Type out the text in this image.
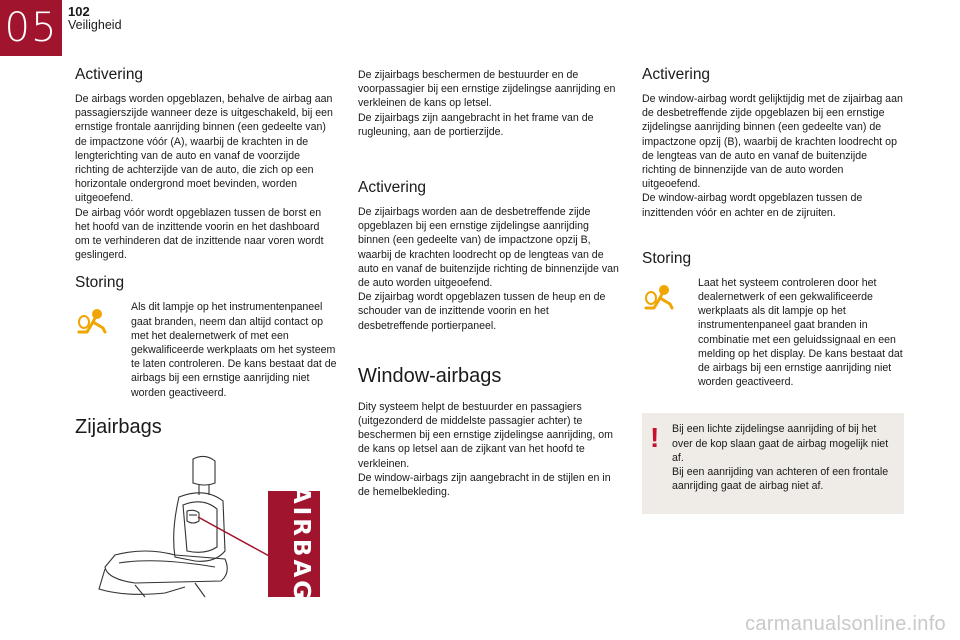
05 102
Veiligheid
Activering

De airbags worden opgeblazen, behalve de airbag aan passagierszijde wanneer deze is uitgeschakeld, bij een ernstige frontale aanrijding binnen (een gedeelte van) de impactzone vóór (A), waarbij de krachten in de lengterichting van de auto en vanaf de voorzijde richting de achterzijde van de auto, die zich op een horizontale ondergrond moet bevinden, worden uitgeoefend.
De airbag vóór wordt opgeblazen tussen de borst en het hoofd van de inzittende voorin en het dashboard om te verhinderen dat de inzittende naar voren wordt geslingerd.

Storing

Als dit lampje op het instrumentenpaneel gaat branden, neem dan altijd contact op met het dealernetwerk of met een gekwalificeerde werkplaats om het systeem te laten controleren. De kans bestaat dat de airbags bij een ernstige aanrijding niet worden geactiveerd.

Zijairbags
AIRBAG

De zijairbags beschermen de bestuurder en de voorpassagier bij een ernstige zijdelingse aanrijding en verkleinen de kans op letsel.
De zijairbags zijn aangebracht in het frame van de rugleuning, aan de portierzijde.

Activering

De zijairbags worden aan de desbetreffende zijde opgeblazen bij een ernstige zijdelingse aanrijding binnen (een gedeelte van) de impactzone opzij B, waarbij de krachten loodrecht op de lengteas van de auto en vanaf de buitenzijde richting de binnenzijde van de auto worden uitgeoefend.
De zijairbag wordt opgeblazen tussen de heup en de schouder van de inzittende voorin en het desbetreffende portierpaneel.

Window-airbags

Dity systeem helpt de bestuurder en passagiers (uitgezonderd de middelste passagier achter) te beschermen bij een ernstige zijdelingse aanrijding, om de kans op letsel aan de zijkant van het hoofd te verkleinen.
De window-airbags zijn aangebracht in de stijlen en in de hemelbekleding.

Activering

De window-airbag wordt gelijktijdig met de zijairbag aan de desbetreffende zijde opgeblazen bij een ernstige zijdelingse aanrijding binnen (een gedeelte van) de impactzone opzij (B), waarbij de krachten loodrecht op de lengteas van de auto en vanaf de buitenzijde richting de binnenzijde van de auto worden uitgeoefend.
De window-airbag wordt opgeblazen tussen de inzittenden vóór en achter en de zijruiten.

Storing

Laat het systeem controleren door het dealernetwerk of een gekwalificeerde werkplaats als dit lampje op het instrumentenpaneel gaat branden in combinatie met een geluidssignaal en een melding op het display. De kans bestaat dat de airbags bij een ernstige aanrijding niet worden geactiveerd.

!	Bij een lichte zijdelingse aanrijding of bij het over de kop slaan gaat de airbag mogelijk niet af.
Bij een aanrijding van achteren of een frontale aanrijding gaat de airbag niet af.

carmanualsonline.info
